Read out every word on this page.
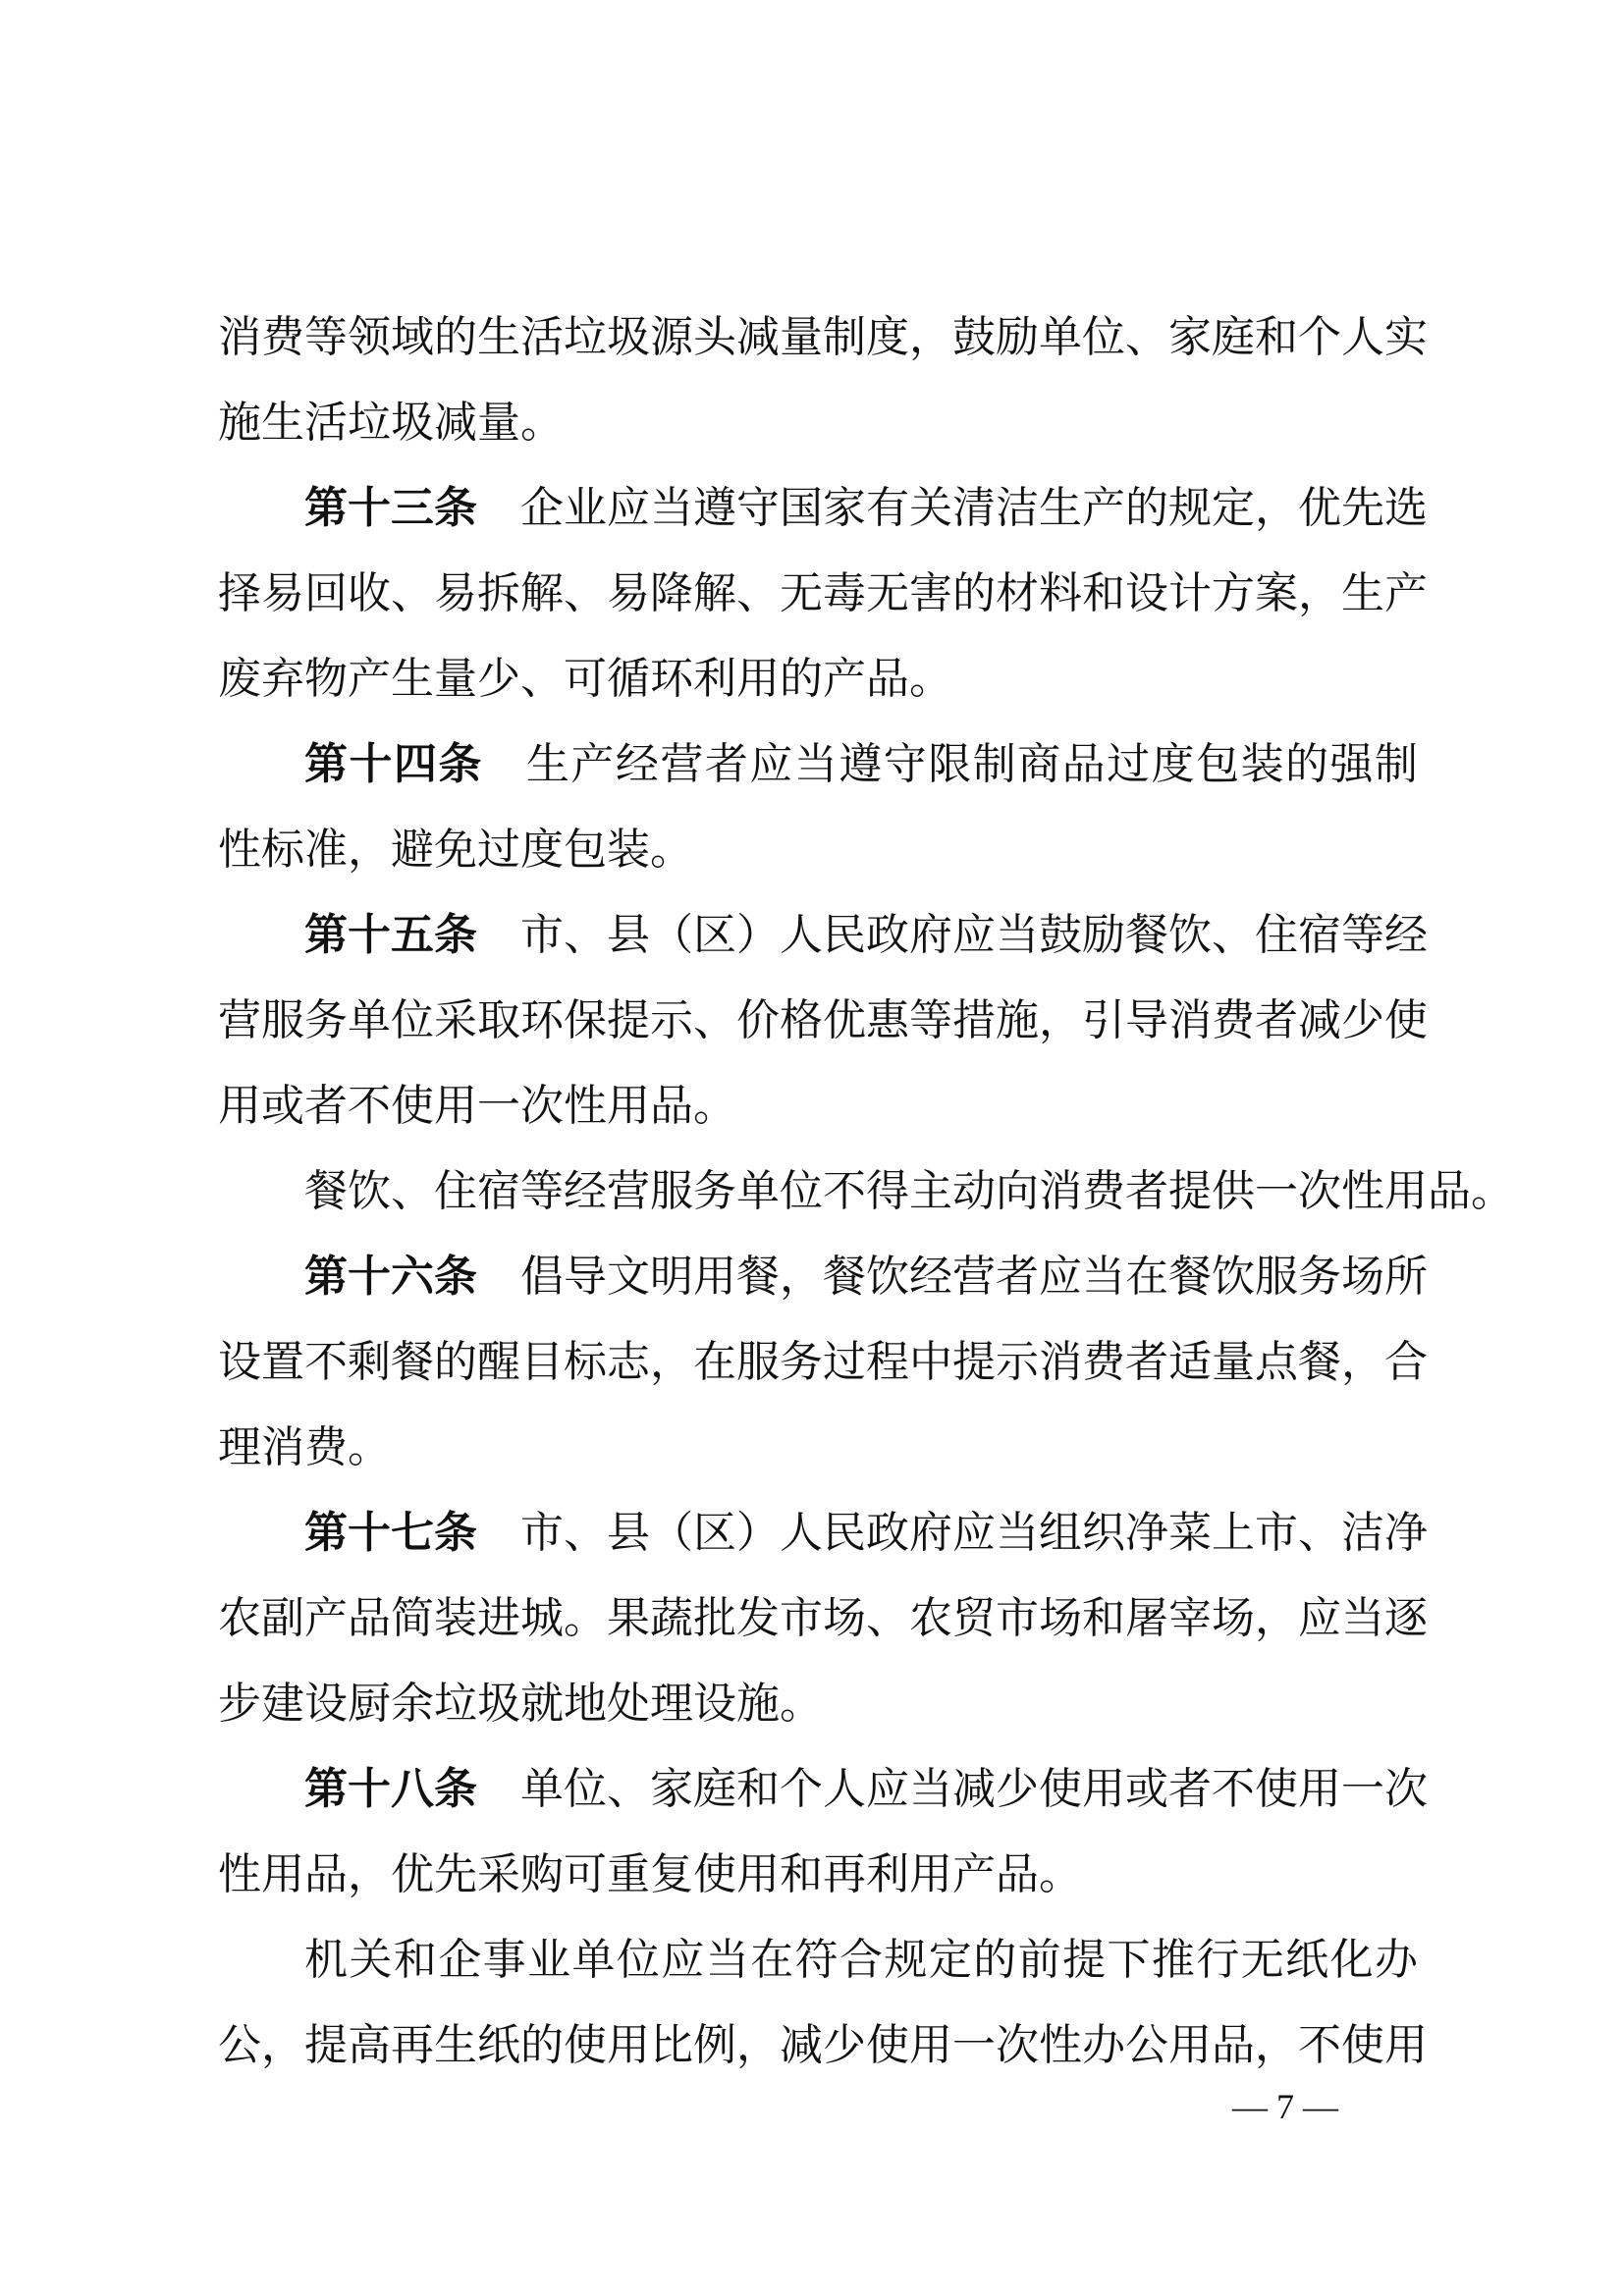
消费等领域的生活垃圾源头减量制度，鼓励单位、家庭和个人实
施生活垃圾减量。
第十三条 企业应当遵守国家有关清洁生产的规定，优先选
择易回收、易拆解、易降解、无毒无害的材料和设计方案，生产
废弃物产生量少、可循环利用的产品。
第十四条 生产经营者应当遵守限制商品过度包装的强制
性标准，避免过度包装。
第十五条 市、县（区）人民政府应当鼓励餐饮、住宿等经
营服务单位采取环保提示、价格优惠等措施，引导消费者减少使
用或者不使用一次性用品。
餐饮、住宿等经营服务单位不得主动向消费者提供一次性用品。
第十六条 倡导文明用餐，餐饮经营者应当在餐饮服务场所
设置不剩餐的醒目标志，在服务过程中提示消费者适量点餐，合
理消费。
第十七条 市、县（区）人民政府应当组织净菜上市、洁净
农副产品简装进城。果蔬批发市场、农贸市场和屠宰场，应当逐
步建设厨余垃圾就地处理设施。
第十八条 单位、家庭和个人应当减少使用或者不使用一次
性用品，优先采购可重复使用和再利用产品。
机关和企事业单位应当在符合规定的前提下推行无纸化办
公，提高再生纸的使用比例，减少使用一次性办公用品，不使用
— 7 —
